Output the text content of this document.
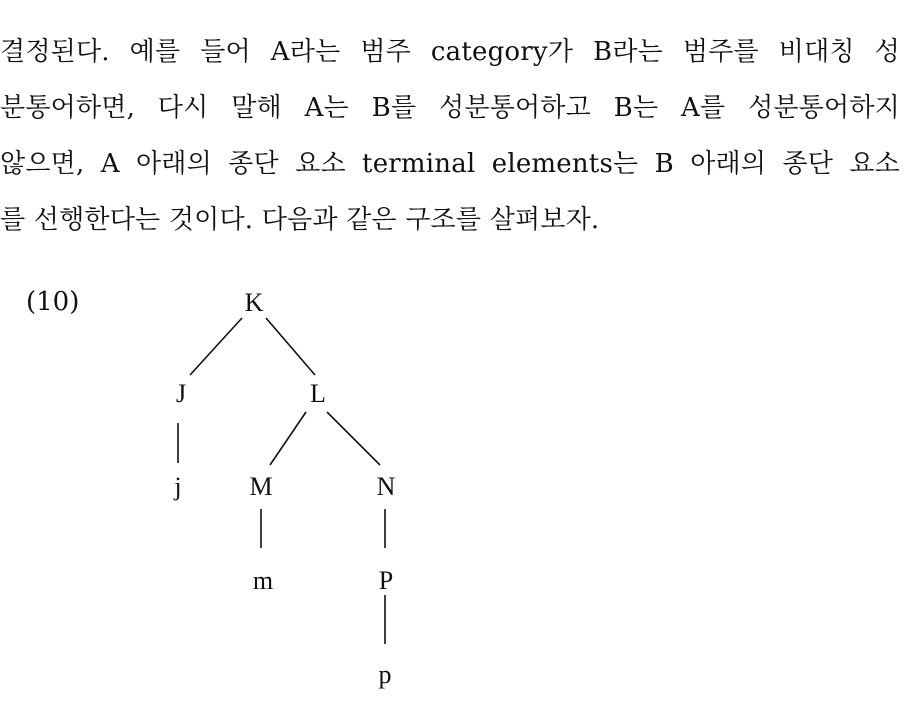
결정된다. 예를 들어 A라는 범주 category가 B라는 범주를 비대칭 성
분통어하면, 다시 말해 A는 B를 성분통어하고 B는 A를 성분통어하지
않으면, A 아래의 종단 요소 terminal elements는 B 아래의 종단 요소
를 선행한다는 것이다. 다음과 같은 구조를 살펴보자.
(10)	K
J	L
j	M	N
m	P
p
